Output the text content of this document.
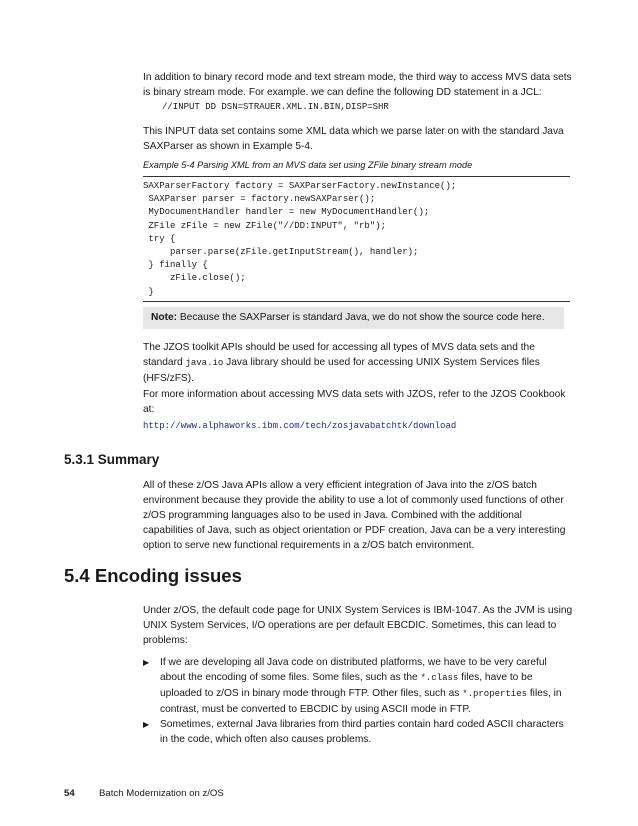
In addition to binary record mode and text stream mode, the third way to access MVS data sets is binary stream mode. For example. we can define the following DD statement in a JCL:
//INPUT DD DSN=STRAUER.XML.IN.BIN,DISP=SHR
This INPUT data set contains some XML data which we parse later on with the standard Java SAXParser as shown in Example 5-4.
Example 5-4 Parsing XML from an MVS data set using ZFile binary stream mode
SAXParserFactory factory = SAXParserFactory.newInstance();
SAXParser parser = factory.newSAXParser();
MyDocumentHandler handler = new MyDocumentHandler();
ZFile zFile = new ZFile("//DD:INPUT", "rb");
try {
parser.parse(zFile.getInputStream(), handler);
} finally {
zFile.close();
}
Note: Because the SAXParser is standard Java, we do not show the source code here.
The JZOS toolkit APIs should be used for accessing all types of MVS data sets and the standard java.io Java library should be used for accessing UNIX System Services files (HFS/zFS).
For more information about accessing MVS data sets with JZOS, refer to the JZOS Cookbook at:
http://www.alphaworks.ibm.com/tech/zosjavabatchtk/download
5.3.1 Summary
All of these z/OS Java APIs allow a very efficient integration of Java into the z/OS batch environment because they provide the ability to use a lot of commonly used functions of other z/OS programming languages also to be used in Java. Combined with the additional capabilities of Java, such as object orientation or PDF creation, Java can be a very interesting option to serve new functional requirements in a z/OS batch environment.
5.4 Encoding issues
Under z/OS, the default code page for UNIX System Services is IBM-1047. As the JVM is using UNIX System Services, I/O operations are per default EBCDIC. Sometimes, this can lead to problems:
▶ If we are developing all Java code on distributed platforms, we have to be very careful about the encoding of some files. Some files, such as the *.class files, have to be uploaded to z/OS in binary mode through FTP. Other files, such as *.properties files, in contrast, must be converted to EBCDIC by using ASCII mode in FTP.
▶ Sometimes, external Java libraries from third parties contain hard coded ASCII characters in the code, which often also causes problems.
54	Batch Modernization on z/OS
